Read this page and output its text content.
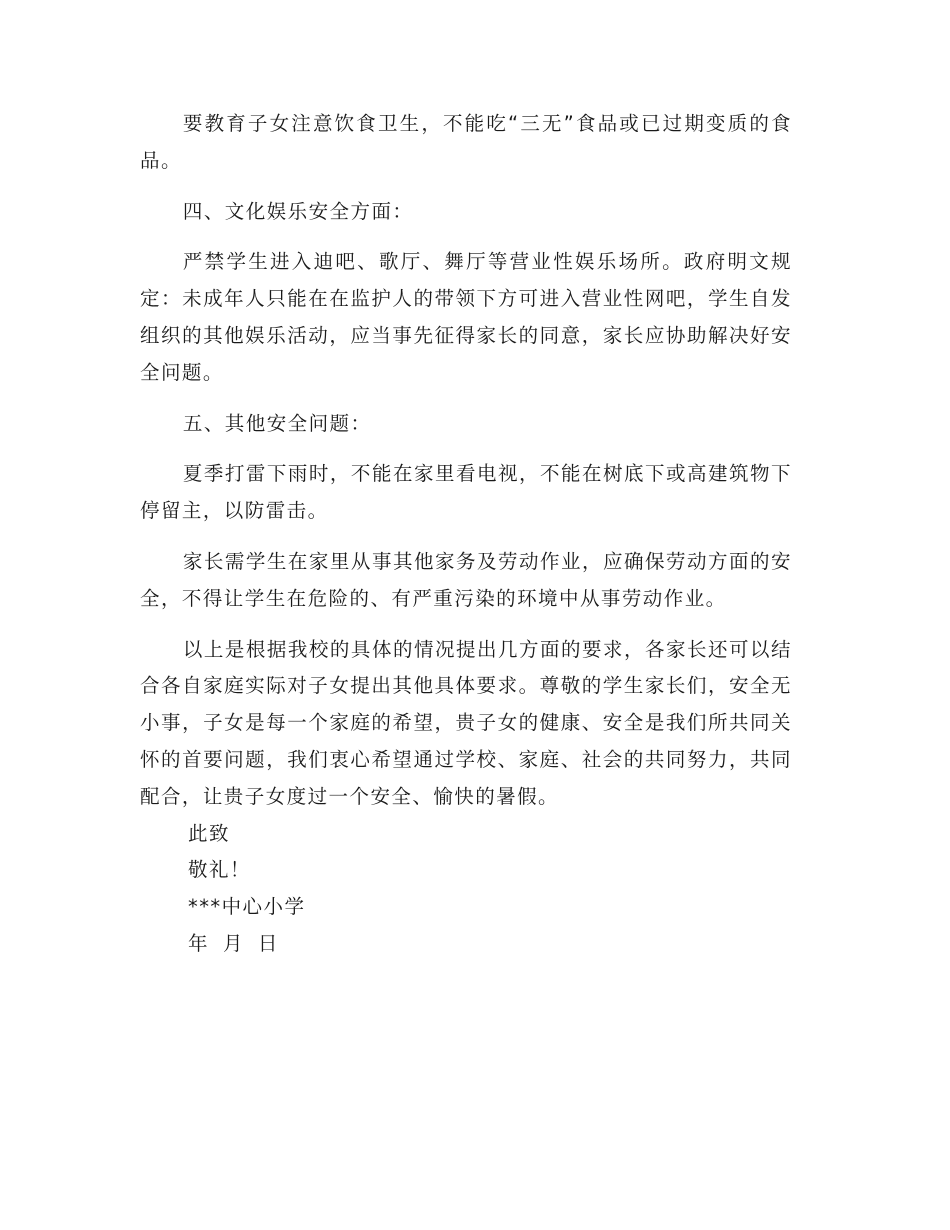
要教育子女注意饮食卫生，不能吃“三无”食品或已过期变质的食品。

四、文化娱乐安全方面：

严禁学生进入迪吧、歌厅、舞厅等营业性娱乐场所。政府明文规定：未成年人只能在在监护人的带领下方可进入营业性网吧，学生自发组织的其他娱乐活动，应当事先征得家长的同意，家长应协助解决好安全问题。

五、其他安全问题：

夏季打雷下雨时，不能在家里看电视，不能在树底下或高建筑物下停留主，以防雷击。

家长需学生在家里从事其他家务及劳动作业，应确保劳动方面的安全，不得让学生在危险的、有严重污染的环境中从事劳动作业。

以上是根据我校的具体的情况提出几方面的要求，各家长还可以结合各自家庭实际对子女提出其他具体要求。尊敬的学生家长们，安全无小事，子女是每一个家庭的希望，贵子女的健康、安全是我们所共同关怀的首要问题，我们衷心希望通过学校、家庭、社会的共同努力，共同配合，让贵子女度过一个安全、愉快的暑假。

此致

敬礼！

***中心小学

年 月 日
